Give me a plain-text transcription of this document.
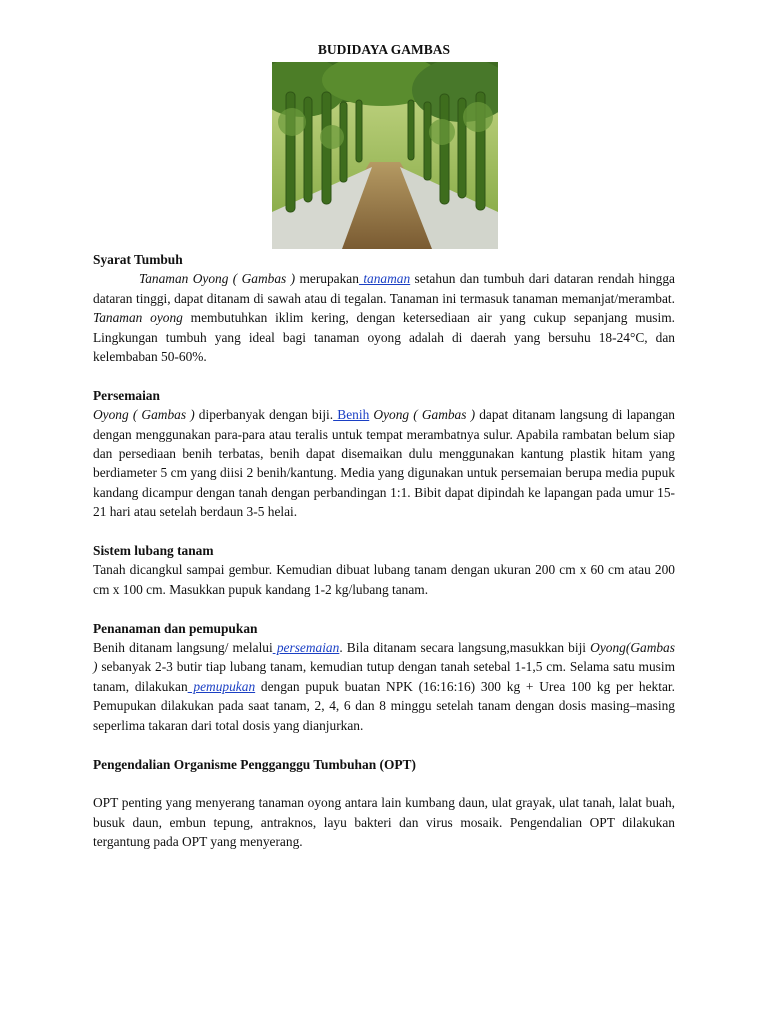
BUDIDAYA GAMBAS

Syarat Tumbuh

Tanaman Oyong ( Gambas ) merupakan tanaman setahun dan tumbuh dari dataran rendah hingga dataran tinggi, dapat ditanam di sawah atau di tegalan. Tanaman ini termasuk tanaman memanjat/merambat. Tanaman oyong membutuhkan iklim kering, dengan ketersediaan air yang cukup sepanjang musim. Lingkungan tumbuh yang ideal bagi tanaman oyong adalah di daerah yang bersuhu 18-24°C, dan kelembaban 50-60%.

Persemaian

Oyong ( Gambas ) diperbanyak dengan biji. Benih Oyong ( Gambas ) dapat ditanam langsung di lapangan dengan menggunakan para-para atau teralis untuk tempat merambatnya sulur. Apabila rambatan belum siap dan persediaan benih terbatas, benih dapat disemaikan dulu menggunakan kantung plastik hitam yang berdiameter 5 cm yang diisi 2 benih/kantung. Media yang digunakan untuk persemaian berupa media pupuk kandang dicampur dengan tanah dengan perbandingan 1:1. Bibit dapat dipindah ke lapangan pada umur 15-21 hari atau setelah berdaun 3-5 helai.

Sistem lubang tanam

Tanah dicangkul sampai gembur. Kemudian dibuat lubang tanam dengan ukuran 200 cm x 60 cm atau 200 cm x 100 cm. Masukkan pupuk kandang 1-2 kg/lubang tanam.

Penanaman dan pemupukan

Benih ditanam langsung/ melalui persemaian. Bila ditanam secara langsung,masukkan biji Oyong(Gambas ) sebanyak 2-3 butir tiap lubang tanam, kemudian tutup dengan tanah setebal 1-1,5 cm. Selama satu musim tanam, dilakukan pemupukan dengan pupuk buatan NPK (16:16:16) 300 kg + Urea 100 kg per hektar. Pemupukan dilakukan pada saat tanam, 2, 4, 6 dan 8 minggu setelah tanam dengan dosis masing–masing seperlima takaran dari total dosis yang dianjurkan.

Pengendalian Organisme Pengganggu Tumbuhan (OPT)

OPT penting yang menyerang tanaman oyong antara lain kumbang daun, ulat grayak, ulat tanah, lalat buah, busuk daun, embun tepung, antraknos, layu bakteri dan virus mosaik. Pengendalian OPT dilakukan tergantung pada OPT yang menyerang.
